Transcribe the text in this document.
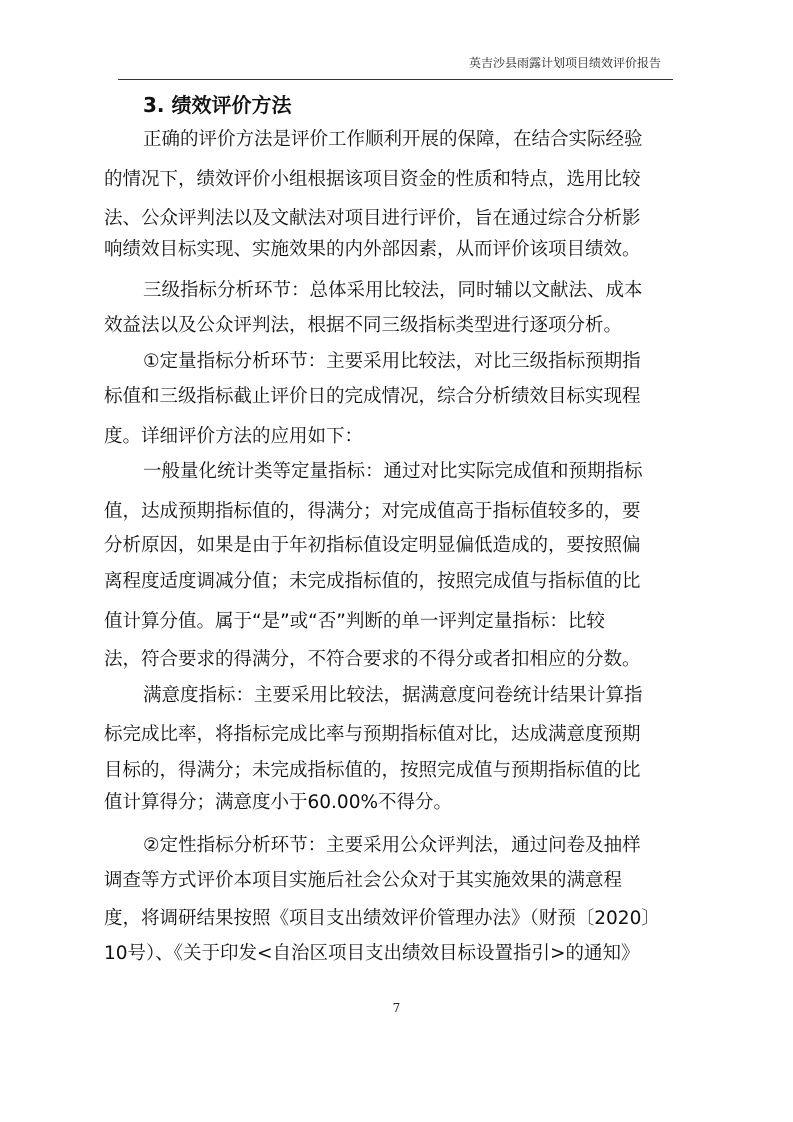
英吉沙县雨露计划项目绩效评价报告
3. 绩效评价方法
正确的评价方法是评价工作顺利开展的保障，在结合实际经验
的情况下，绩效评价小组根据该项目资金的性质和特点，选用比较
法、公众评判法以及文献法对项目进行评价，旨在通过综合分析影
响绩效目标实现、实施效果的内外部因素，从而评价该项目绩效。
三级指标分析环节：总体采用比较法，同时辅以文献法、成本
效益法以及公众评判法，根据不同三级指标类型进行逐项分析。
①定量指标分析环节：主要采用比较法，对比三级指标预期指
标值和三级指标截止评价日的完成情况，综合分析绩效目标实现程
度。详细评价方法的应用如下：
一般量化统计类等定量指标：通过对比实际完成值和预期指标
值，达成预期指标值的，得满分；对完成值高于指标值较多的，要
分析原因，如果是由于年初指标值设定明显偏低造成的，要按照偏
离程度适度调减分值；未完成指标值的，按照完成值与指标值的比
值计算分值。属于“是”或“否”判断的单一评判定量指标：比较
法，符合要求的得满分，不符合要求的不得分或者扣相应的分数。
满意度指标：主要采用比较法，据满意度问卷统计结果计算指
标完成比率，将指标完成比率与预期指标值对比，达成满意度预期
目标的，得满分；未完成指标值的，按照完成值与预期指标值的比
值计算得分；满意度小于60.00%不得分。
②定性指标分析环节：主要采用公众评判法，通过问卷及抽样
调查等方式评价本项目实施后社会公众对于其实施效果的满意程
度，将调研结果按照《项目支出绩效评价管理办法》（财预〔2020〕
10号）、《关于印发<自治区项目支出绩效目标设置指引>的通知》
7
